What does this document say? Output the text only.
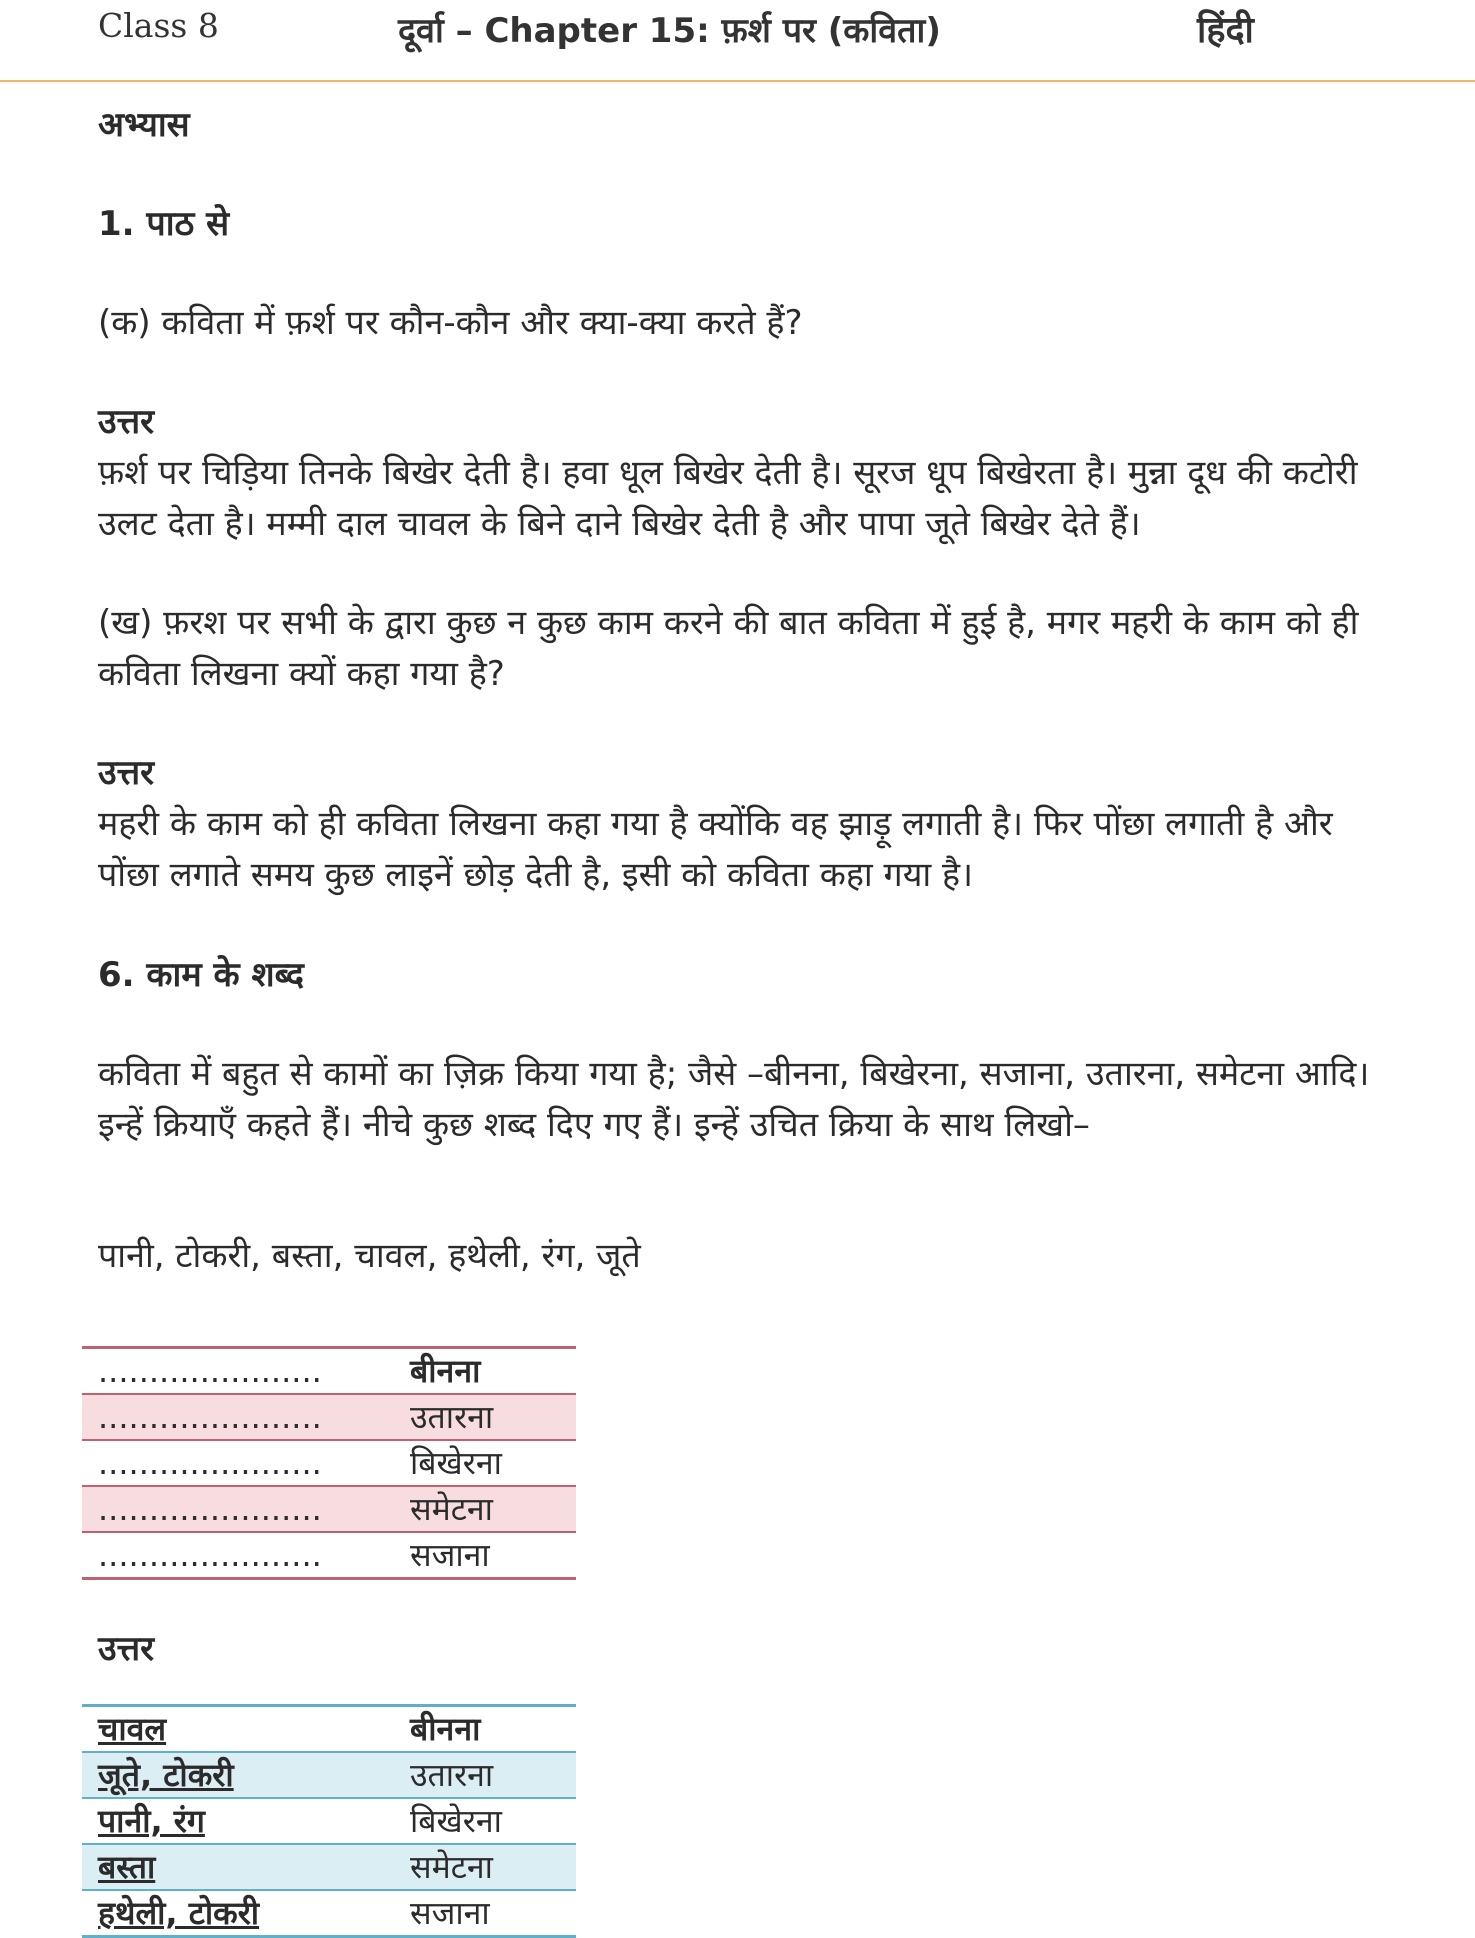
Class 8	दूर्वा – Chapter 15: फ़र्श पर (कविता)	हिंदी

अभ्यास

1. पाठ से

(क) कविता में फ़र्श पर कौन-कौन और क्या-क्या करते हैं?

उत्तर

फ़र्श पर चिड़िया तिनके बिखेर देती है। हवा धूल बिखेर देती है। सूरज धूप बिखेरता है। मुन्ना दूध की कटोरी उलट देता है। मम्मी दाल चावल के बिने दाने बिखेर देती है और पापा जूते बिखेर देते हैं।

(ख) फ़रश पर सभी के द्वारा कुछ न कुछ काम करने की बात कविता में हुई है, मगर महरी के काम को ही कविता लिखना क्यों कहा गया है?

उत्तर

महरी के काम को ही कविता लिखना कहा गया है क्योंकि वह झाड़ू लगाती है। फिर पोंछा लगाती है और पोंछा लगाते समय कुछ लाइनें छोड़ देती है, इसी को कविता कहा गया है।

6. काम के शब्द

कविता में बहुत से कामों का ज़िक्र किया गया है; जैसे –बीनना, बिखेरना, सजाना, उतारना, समेटना आदि। इन्हें क्रियाएँ कहते हैं। नीचे कुछ शब्द दिए गए हैं। इन्हें उचित क्रिया के साथ लिखो–

पानी, टोकरी, बस्ता, चावल, हथेली, रंग, जूते

......................	बीनना
......................	उतारना
......................	बिखेरना
......................	समेटना
......................	सजाना
उत्तर
चावल	बीनना
जूते, टोकरी	उतारना
पानी, रंग	बिखेरना
बस्ता	समेटना
हथेली, टोकरी	सजाना
